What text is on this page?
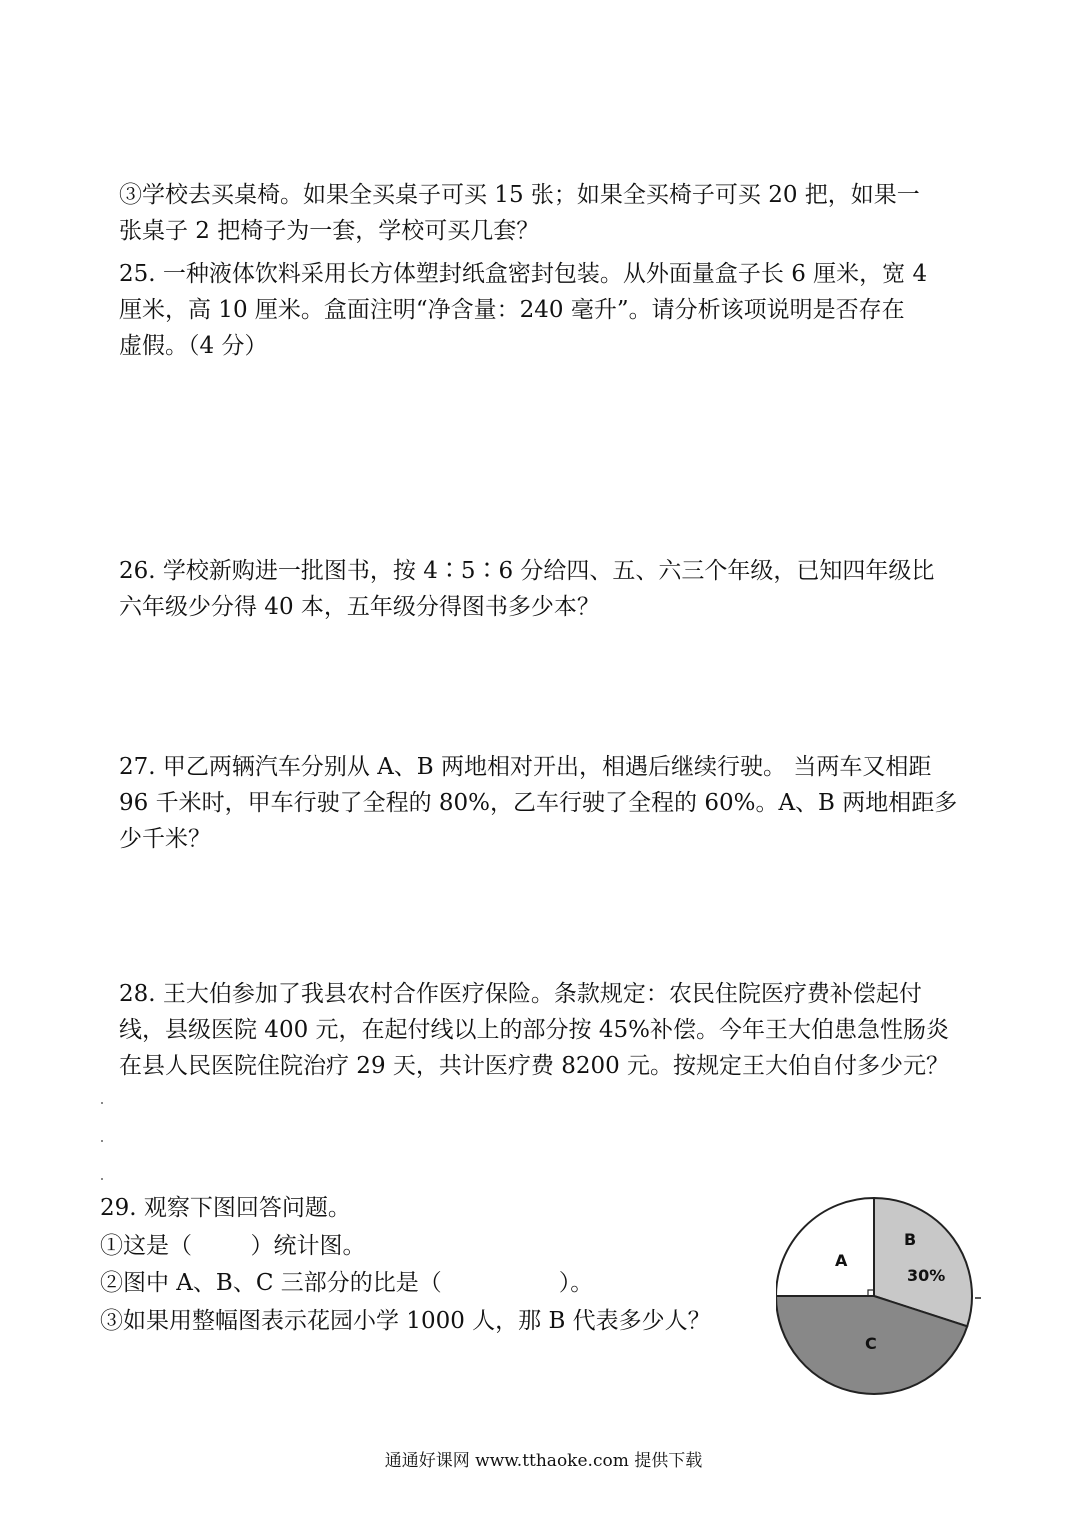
③学校去买桌椅。如果全买桌子可买 15 张；如果全买椅子可买 20 把，如果一
张桌子 2 把椅子为一套，学校可买几套？
25. 一种液体饮料采用长方体塑封纸盒密封包装。从外面量盒子长 6 厘米，宽 4
厘米，高 10 厘米。盒面注明“净含量：240 毫升”。请分析该项说明是否存在
虚假。（4 分）
26. 学校新购进一批图书，按 4∶5∶6 分给四、五、六三个年级，已知四年级比
六年级少分得 40 本，五年级分得图书多少本？
27. 甲乙两辆汽车分别从 A、B 两地相对开出，相遇后继续行驶。 当两车又相距
96 千米时，甲车行驶了全程的 80%，乙车行驶了全程的 60%。A、B 两地相距多
少千米？
28. 王大伯参加了我县农村合作医疗保险。条款规定：农民住院医疗费补偿起付
线，县级医院 400 元，在起付线以上的部分按 45%补偿。今年王大伯患急性肠炎
在县人民医院住院治疗 29 天，共计医疗费 8200 元。按规定王大伯自付多少元？
29. 观察下图回答问题。
①这是（        ）统计图。
②图中 A、B、C 三部分的比是（                ）。
③如果用整幅图表示花园小学 1000 人，那 B 代表多少人？
A
B
30%
C
通通好课网 www.tthaoke.com 提供下载
